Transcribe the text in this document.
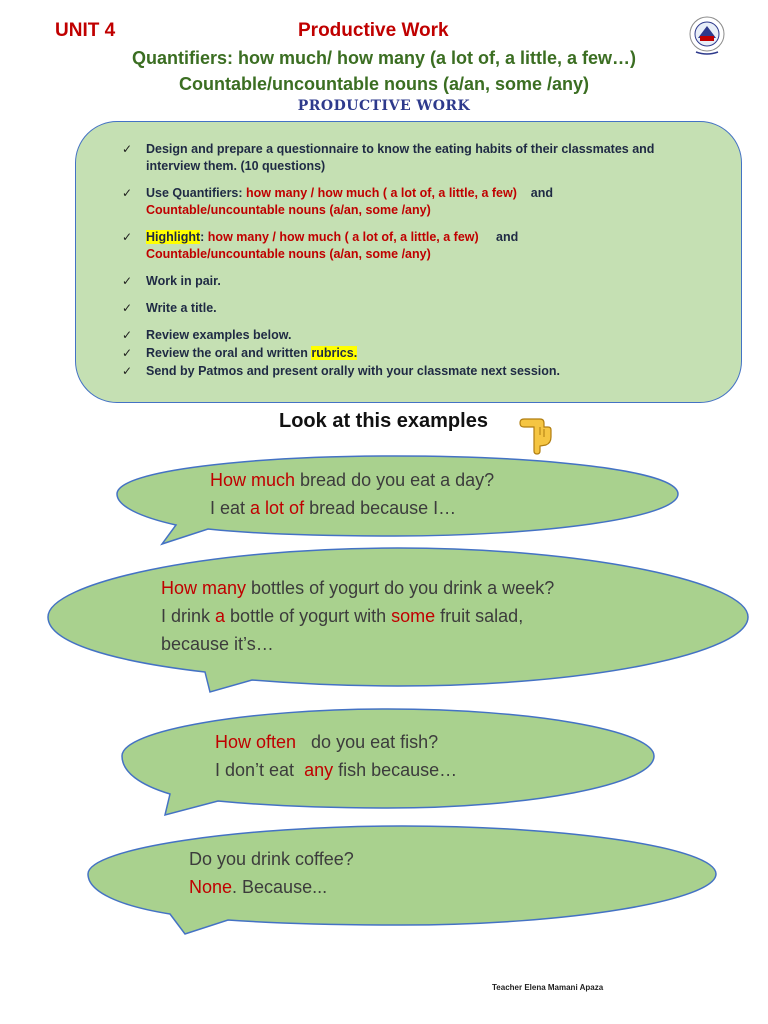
UNIT 4	Productive Work
Quantifiers: how much/ how many (a lot of, a little, a few…)
Countable/uncountable nouns (a/an, some /any)
PRODUCTIVE WORK
✓ Design and prepare a questionnaire to know the eating habits of their classmates and interview them. (10 questions)
✓ Use Quantifiers: how many / how much ( a lot of, a little, a few)    and
Countable/uncountable nouns (a/an, some /any)
✓ Highlight: how many / how much ( a lot of, a little, a few)     and
Countable/uncountable nouns (a/an, some /any)
✓ Work in pair.
✓ Write a title.
✓ Review examples below.
✓ Review the oral and written rubrics.
✓ Send by Patmos and present orally with your classmate next session.
Look at this examples
How much bread do you eat a day?
I eat a lot of bread because I…
How many bottles of yogurt do you drink a week?
I drink a bottle of yogurt with some fruit salad,
because it’s…
How often   do you eat fish?
I don’t eat  any fish because…
Do you drink coffee?
None. Because...
Teacher Elena Mamani Apaza
